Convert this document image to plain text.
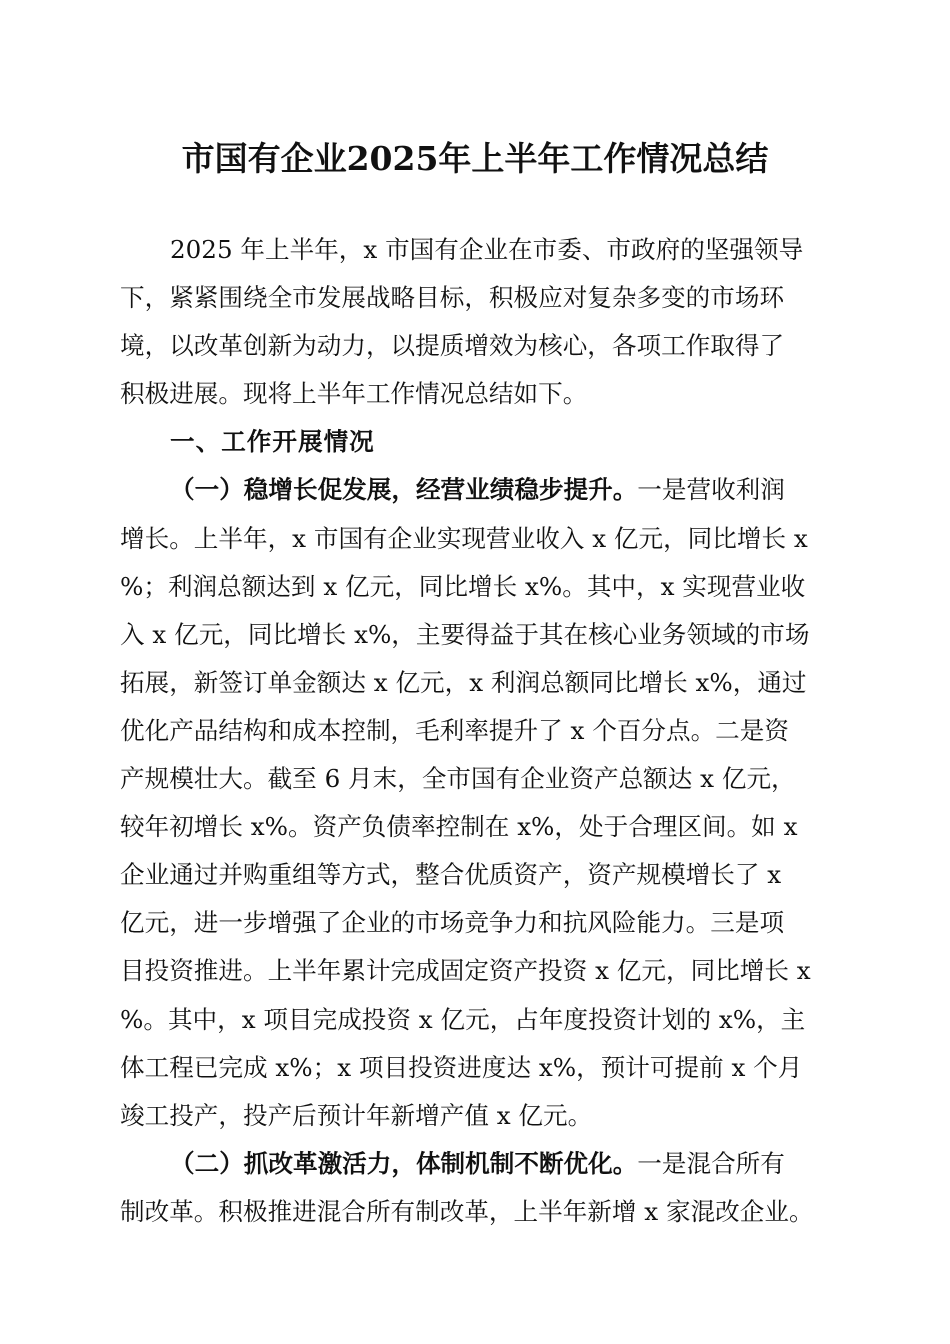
市国有企业2025年上半年工作情况总结
2025 年上半年，x 市国有企业在市委、市政府的坚强领导
下，紧紧围绕全市发展战略目标，积极应对复杂多变的市场环
境，以改革创新为动力，以提质增效为核心，各项工作取得了
积极进展。现将上半年工作情况总结如下。
一、工作开展情况
（一）稳增长促发展，经营业绩稳步提升。一是营收利润
增长。上半年，x 市国有企业实现营业收入 x 亿元，同比增长 x
%；利润总额达到 x 亿元，同比增长 x%。其中，x 实现营业收
入 x 亿元，同比增长 x%，主要得益于其在核心业务领域的市场
拓展，新签订单金额达 x 亿元，x 利润总额同比增长 x%，通过
优化产品结构和成本控制，毛利率提升了 x 个百分点。二是资
产规模壮大。截至 6 月末，全市国有企业资产总额达 x 亿元，
较年初增长 x%。资产负债率控制在 x%，处于合理区间。如 x
企业通过并购重组等方式，整合优质资产，资产规模增长了 x
亿元，进一步增强了企业的市场竞争力和抗风险能力。三是项
目投资推进。上半年累计完成固定资产投资 x 亿元，同比增长 x
%。其中，x 项目完成投资 x 亿元，占年度投资计划的 x%，主
体工程已完成 x%；x 项目投资进度达 x%，预计可提前 x 个月
竣工投产，投产后预计年新增产值 x 亿元。
（二）抓改革激活力，体制机制不断优化。一是混合所有
制改革。积极推进混合所有制改革，上半年新增 x 家混改企业。
